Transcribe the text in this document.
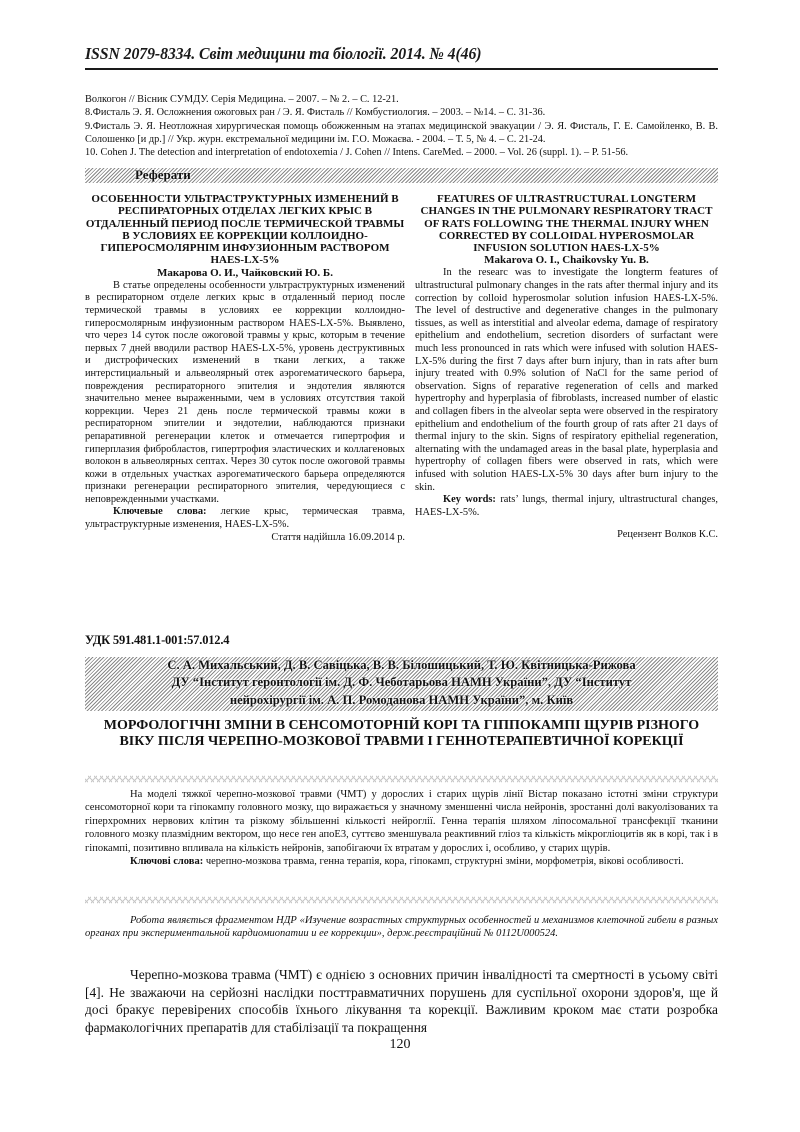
ISSN 2079-8334. Світ медицини та біології. 2014. № 4(46)

Волкогон // Вісник СУМДУ. Серія Медицина. – 2007. – № 2. – С. 12-21.

8.Фисталь Э. Я. Осложнения ожоговых ран / Э. Я. Фисталь // Комбустиология. – 2003. – №14. – С. 31-36.

9.Фисталь Э. Я. Неотложная хирургическая помощь обожженным на этапах медицинской эвакуации / Э. Я. Фисталь, Г. Е. Самойленко, В. В. Солошенко [и др.] // Укр. журн. екстремальної медицини ім. Г.О. Можаєва. - 2004. – Т. 5, № 4. – С. 21-24.

10. Cohen J. The detection and interpretation of endotoxemia / J. Cohen // Intens. CareMed. – 2000. – Vol. 26 (suppl. 1). – P. 51-56.

Реферати

ОСОБЕННОСТИ УЛЬТРАСТРУКТУРНЫХ ИЗМЕНЕНИЙ В РЕСПИРАТОРНЫХ ОТДЕЛАХ ЛЕГКИХ КРЫС В ОТДАЛЕННЫЙ ПЕРИОД ПОСЛЕ ТЕРМИЧЕСКОЙ ТРАВМЫ В УСЛОВИЯХ ЕЕ КОРРЕКЦИИ КОЛЛОИДНО-ГИПЕРОСМОЛЯРНІМ ИНФУЗИОННЫМ РАСТВОРОМ HAES-LX-5%

Макарова О. И., Чайковский Ю. Б.

В статье определены особенности ультраструктурных изменений в респираторном отделе легких крыс в отдаленный период после термической травмы в условиях ее коррекции коллоидно-гиперосмолярным инфузионным раствором HAES-LX-5%. Выявлено, что через 14 суток после ожоговой травмы у крыс, которым в течение первых 7 дней вводили раствор HAES-LX-5%, уровень деструктивных и дистрофических изменений в ткани легких, а также интерстициальный и альвеолярный отек аэрогематического барьера, повреждения респираторного эпителия и эндотелия являются значительно менее выраженными, чем в условиях отсутствия такой коррекции. Через 21 день после термической травмы кожи в респираторном эпителии и эндотелии, наблюдаются признаки репаративной регенерации клеток и отмечается гипертрофия и гиперплазия фибробластов, гипертрофия эластических и коллагеновых волокон в альвеолярных септах. Через 30 суток после ожоговой травмы кожи в отдельных участках аэрогематического барьера определяются признаки регенерации респираторного эпителия, чередующиеся с неповрежденными участками.

Ключевые слова: легкие крыс, термическая травма, ультраструктурные изменения, HAES-LX-5%.

Стаття надійшла 16.09.2014 р.

FEATURES OF ULTRASTRUCTURAL LONGTERM CHANGES IN THE PULMONARY RESPIRATORY TRACT OF RATS FOLLOWING THE THERMAL INJURY WHEN CORRECTED BY COLLOIDAL HYPEROSMOLAR INFUSION SOLUTION HAES-LX-5%

Makarova O. I., Chaikovsky Yu. B.

In the researc was to investigate the longterm features of ultrastructural pulmonary changes in the rats after thermal injury and its correction by colloid hyperosmolar solution infusion HAES-LX-5%. The level of destructive and degenerative changes in the pulmonary tissues, as well as interstitial and alveolar edema, damage of respiratory epithelium and endothelium, secretion disorders of surfactant were much less pronounced in rats which were infused with solution HAES-LX-5% during the first 7 days after burn injury, than in rats after burn injury treated with 0.9% solution of NaCl for the same period of observation. Signs of reparative regeneration of cells and marked hypertrophy and hyperplasia of fibroblasts, increased number of elastic and collagen fibers in the alveolar septa were observed in the respiratory epithelium and endothelium of the fourth group of rats after 21 days of thermal injury to the skin. Signs of respiratory epithelial regeneration, alternating with the undamaged areas in the basal plate, hyperplasia and hypertrophy of collagen fibers were observed in rats, which were infused with solution HAES-LX-5% 30 days after burn injury to the skin.

Key words: rats’ lungs, thermal injury, ultrastructural changes, HAES-LX-5%.

Рецензент Волков К.С.

УДК 591.481.1-001:57.012.4

С. А. Михальський, Д. В. Савіцька, В. В. Білошицький, Т. Ю. Квітницька-Рижова

ДУ “Інститут геронтології ім. Д. Ф. Чеботарьова НАМН України”, ДУ “Інститут

нейрохірургії ім. А. П. Ромоданова НАМН України”, м. Київ

МОРФОЛОГІЧНІ ЗМІНИ В СЕНСОМОТОРНІЙ КОРІ ТА ГІППОКАМПІ ЩУРІВ РІЗНОГО ВІКУ ПІСЛЯ ЧЕРЕПНО-МОЗКОВОЇ ТРАВМИ І ГЕННОТЕРАПЕВТИЧНОЇ КОРЕКЦІЇ

На моделі тяжкої черепно-мозкової травми (ЧМТ) у дорослих і старих щурів лінії Вістар показано істотні зміни структури сенсомоторної кори та гіпокампу головного мозку, що виражається у значному зменшенні числа нейронів, зростанні долі вакуолізованих та гіперхромних нервових клітин та різкому збільшенні кількості нейроглії. Генна терапія шляхом ліпосомальної трансфекції тканини головного мозку плазмідним вектором, що несе ген апоЕ3, суттєво зменшувала реактивний гліоз та кількість мікрогліоцитів як в корі, так і в гіпокампі, позитивно впливала на кількість нейронів, запобігаючи їх втратам у дорослих і, особливо, у старих щурів.

Ключові слова: черепно-мозкова травма, генна терапія, кора, гіпокамп, структурні зміни, морфометрія, вікові особливості.

Робота являється фрагментом НДР «Изучение возрастных структурных особенностей и механизмов клеточной гибели в разных органах при экспериментальной кардиомиопатии и ее коррекции», держ.реєстраційний № 0112U000524.

Черепно-мозкова травма (ЧМТ) є однією з основних причин інвалідності та смертності в усьому світі [4]. Не зважаючи на серйозні наслідки посттравматичних порушень для суспільної охорони здоров'я, ще й досі бракує перевірених способів їхнього лікування та корекції. Важливим кроком має стати розробка фармакологічних препаратів для стабілізації та покращення

120
